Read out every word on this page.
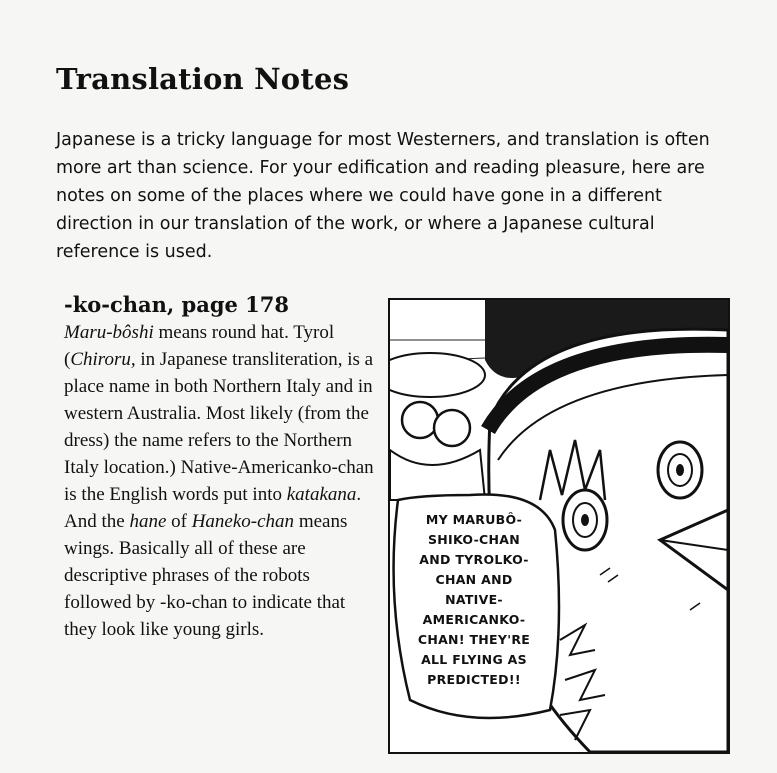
Translation Notes

Japanese is a tricky language for most Westerners, and translation is often more art than science. For your edification and reading pleasure, here are notes on some of the places where we could have gone in a different direction in our translation of the work, or where a Japanese cultural reference is used.

-ko-chan, page 178

Maru-bôshi means round hat. Tyrol (Chiroru, in Japanese transliteration, is a place name in both Northern Italy and in western Australia. Most likely (from the dress) the name refers to the Northern Italy location.) Native-Americanko-chan is the English words put into katakana. And the hane of Haneko-chan means wings. Basically all of these are descriptive phrases of the robots followed by -ko-chan to indicate that they look like young girls.

MY MARUBÔ-
SHIKO-CHAN
AND TYROLKO-
CHAN AND
NATIVE-
AMERICANKO-
CHAN! THEY'RE
ALL FLYING AS
PREDICTED!!
